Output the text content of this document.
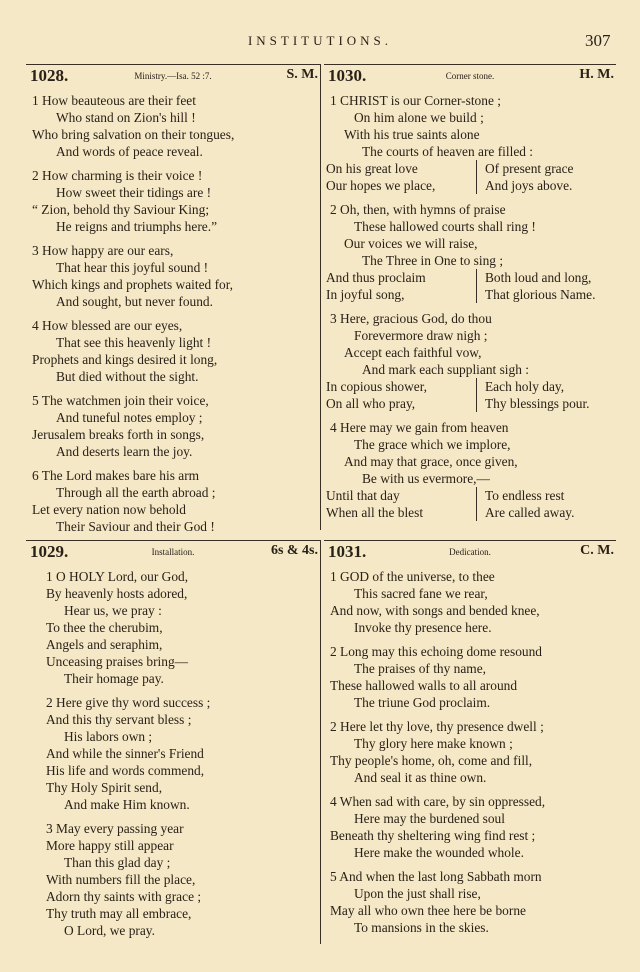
INSTITUTIONS.	307
1028.	Ministry.—Isa. 52 :7.	S. M.
1 How beauteous are their feet
Who stand on Zion's hill !
Who bring salvation on their tongues,
And words of peace reveal.
2 How charming is their voice !
How sweet their tidings are !
“ Zion, behold thy Saviour King;
He reigns and triumphs here.”
3 How happy are our ears,
That hear this joyful sound !
Which kings and prophets waited for,
And sought, but never found.
4 How blessed are our eyes,
That see this heavenly light !
Prophets and kings desired it long,
But died without the sight.
5 The watchmen join their voice,
And tuneful notes employ ;
Jerusalem breaks forth in songs,
And deserts learn the joy.
6 The Lord makes bare his arm
Through all the earth abroad ;
Let every nation now behold
Their Saviour and their God !
1029.	Installation.	6s & 4s.
1 O HOLY Lord, our God,
By heavenly hosts adored,
Hear us, we pray :
To thee the cherubim,
Angels and seraphim,
Unceasing praises bring—
Their homage pay.
2 Here give thy word success ;
And this thy servant bless ;
His labors own ;
And while the sinner's Friend
His life and words commend,
Thy Holy Spirit send,
And make Him known.
3 May every passing year
More happy still appear
Than this glad day ;
With numbers fill the place,
Adorn thy saints with grace ;
Thy truth may all embrace,
O Lord, we pray.
1030.	Corner stone.	H. M.
1 CHRIST is our Corner-stone ;
On him alone we build ;
With his true saints alone
The courts of heaven are filled :
On his great love	Of present grace
Our hopes we place,	And joys above.
2 Oh, then, with hymns of praise
These hallowed courts shall ring !
Our voices we will raise,
The Three in One to sing ;
And thus proclaim	Both loud and long,
In joyful song,	That glorious Name.
3 Here, gracious God, do thou
Forevermore draw nigh ;
Accept each faithful vow,
And mark each suppliant sigh :
In copious shower,	Each holy day,
On all who pray,	Thy blessings pour.
4 Here may we gain from heaven
The grace which we implore,
And may that grace, once given,
Be with us evermore,—
Until that day	To endless rest
When all the blest	Are called away.
1031.	Dedication.	C. M.
1 GOD of the universe, to thee
This sacred fane we rear,
And now, with songs and bended knee,
Invoke thy presence here.
2 Long may this echoing dome resound
The praises of thy name,
These hallowed walls to all around
The triune God proclaim.
2 Here let thy love, thy presence dwell ;
Thy glory here make known ;
Thy people's home, oh, come and fill,
And seal it as thine own.
4 When sad with care, by sin oppressed,
Here may the burdened soul
Beneath thy sheltering wing find rest ;
Here make the wounded whole.
5 And when the last long Sabbath morn
Upon the just shall rise,
May all who own thee here be borne
To mansions in the skies.
